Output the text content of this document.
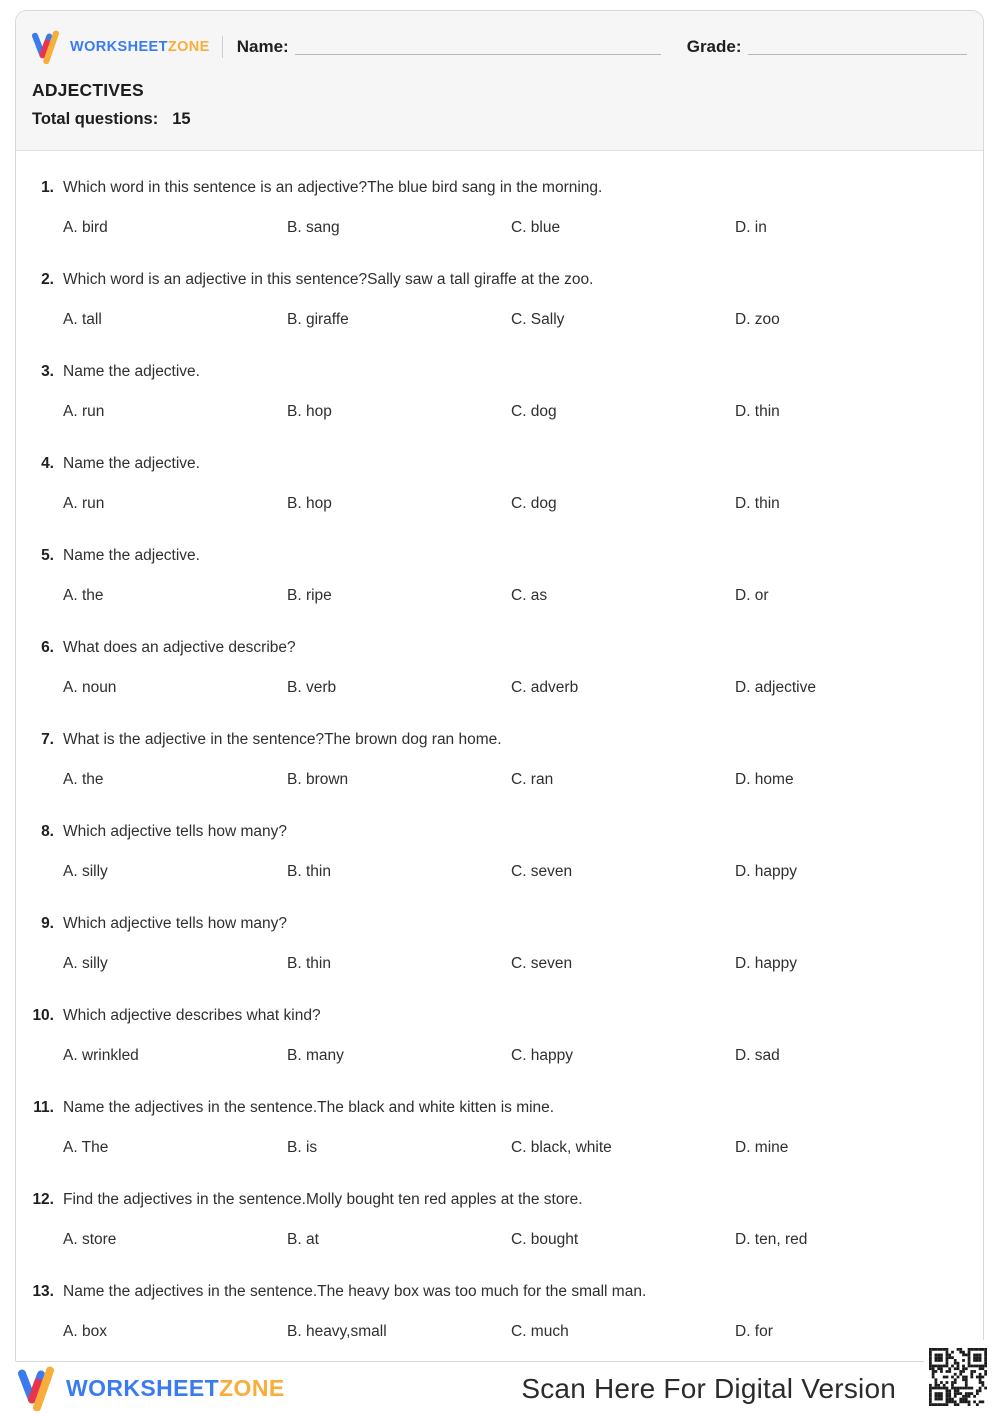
WORKSHEETZONE Name:	Grade:
ADJECTIVES
Total questions: 15
1. Which word in this sentence is an adjective?The blue bird sang in the morning.
A. bird	B. sang	C. blue	D. in
2. Which word is an adjective in this sentence?Sally saw a tall giraffe at the zoo.
A. tall	B. giraffe	C. Sally	D. zoo
3. Name the adjective.
A. run	B. hop	C. dog	D. thin
4. Name the adjective.
A. run	B. hop	C. dog	D. thin
5. Name the adjective.
A. the	B. ripe	C. as	D. or
6. What does an adjective describe?
A. noun	B. verb	C. adverb	D. adjective
7. What is the adjective in the sentence?The brown dog ran home.
A. the	B. brown	C. ran	D. home
8. Which adjective tells how many?
A. silly	B. thin	C. seven	D. happy
9. Which adjective tells how many?
A. silly	B. thin	C. seven	D. happy
10. Which adjective describes what kind?
A. wrinkled	B. many	C. happy	D. sad
11. Name the adjectives in the sentence.The black and white kitten is mine.
A. The	B. is	C. black, white	D. mine
12. Find the adjectives in the sentence.Molly bought ten red apples at the store.
A. store	B. at	C. bought	D. ten, red
13. Name the adjectives in the sentence.The heavy box was too much for the small man.
A. box	B. heavy,small	C. much	D. for
WORKSHEETZONE	Scan Here For Digital Version
